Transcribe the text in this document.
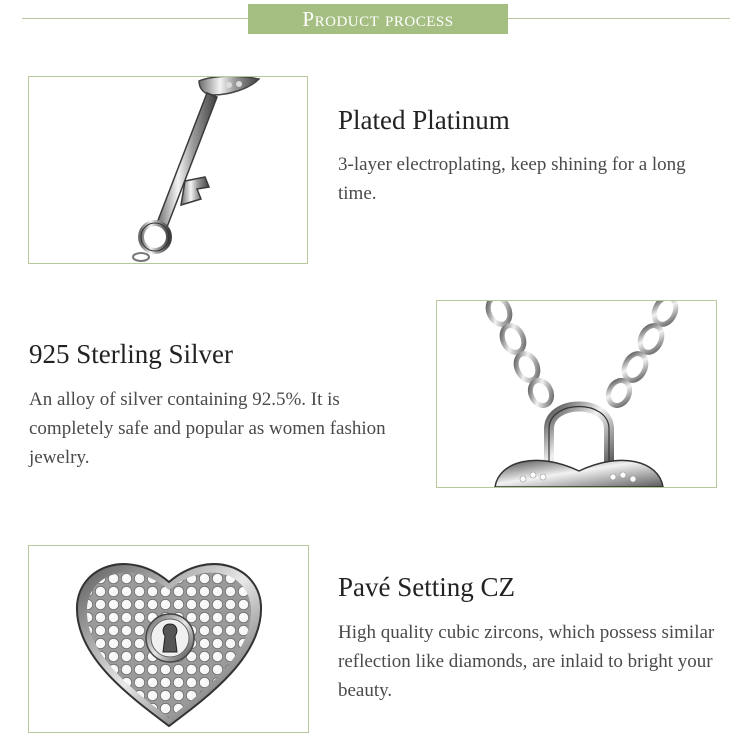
Product process
Plated Platinum

3-layer electroplating, keep shining for a long time.

925 Sterling Silver

An alloy of silver containing 92.5%. It is completely safe and popular as women fashion jewelry.

Pavé Setting CZ

High quality cubic zircons, which possess similar reflection like diamonds, are inlaid to bright your beauty.
